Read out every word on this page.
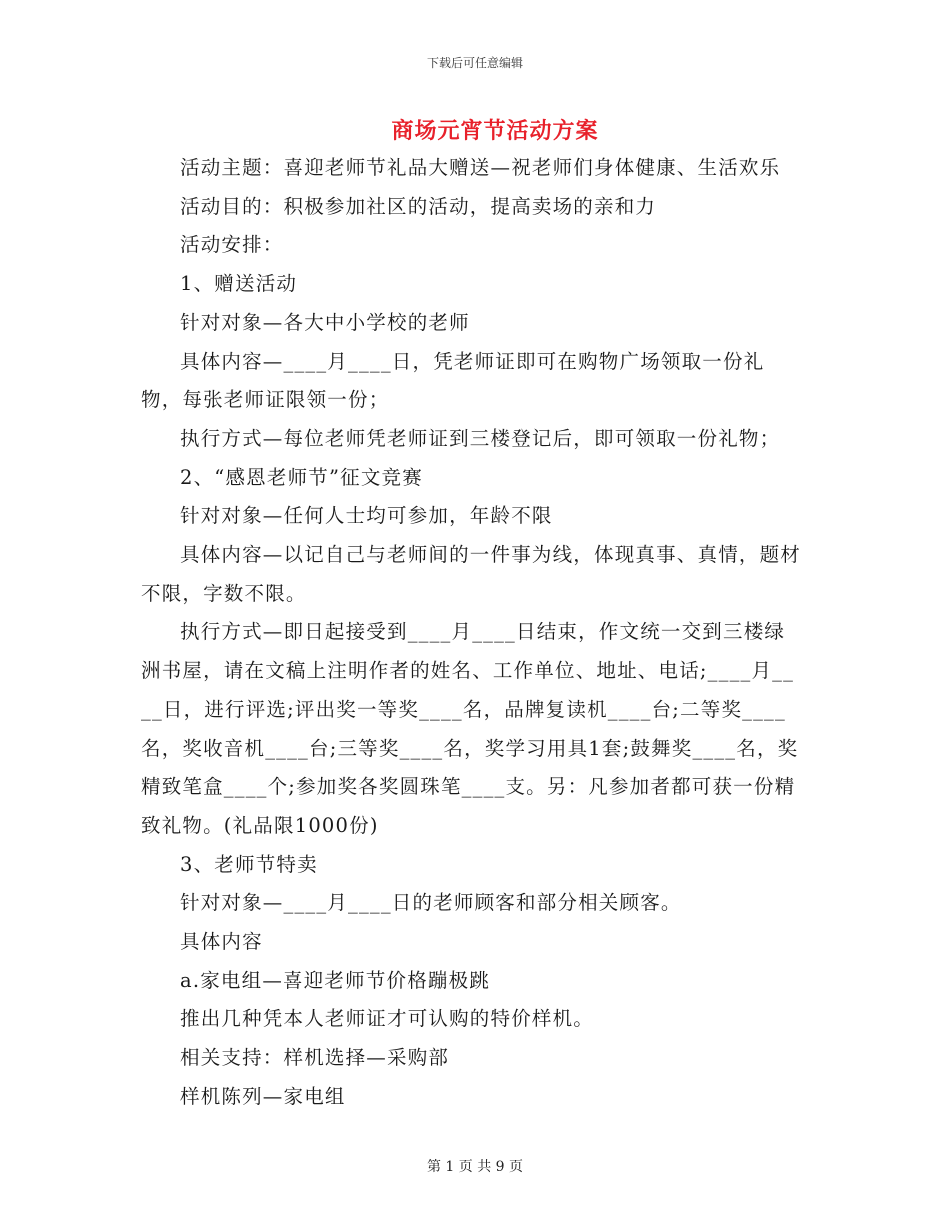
下载后可任意编辑
商场元宵节活动方案

活动主题：喜迎老师节礼品大赠送—祝老师们身体健康、生活欢乐

活动目的：积极参加社区的活动，提高卖场的亲和力

活动安排：

1、赠送活动

针对对象—各大中小学校的老师

具体内容—____月____日，凭老师证即可在购物广场领取一份礼物，每张老师证限领一份；

执行方式—每位老师凭老师证到三楼登记后，即可领取一份礼物；

2、“感恩老师节”征文竞赛

针对对象—任何人士均可参加，年龄不限

具体内容—以记自己与老师间的一件事为线，体现真事、真情，题材不限，字数不限。

执行方式—即日起接受到____月____日结束，作文统一交到三楼绿洲书屋，请在文稿上注明作者的姓名、工作单位、地址、电话;____月____日，进行评选;评出奖一等奖____名，品牌复读机____台;二等奖____名，奖收音机____台;三等奖____名，奖学习用具1套;鼓舞奖____名，奖精致笔盒____个;参加奖各奖圆珠笔____支。另：凡参加者都可获一份精致礼物。(礼品限1000份)

3、老师节特卖

针对对象—____月____日的老师顾客和部分相关顾客。

具体内容

a.家电组—喜迎老师节价格蹦极跳

推出几种凭本人老师证才可认购的特价样机。

相关支持：样机选择—采购部

样机陈列—家电组

第 1 页 共 9 页
